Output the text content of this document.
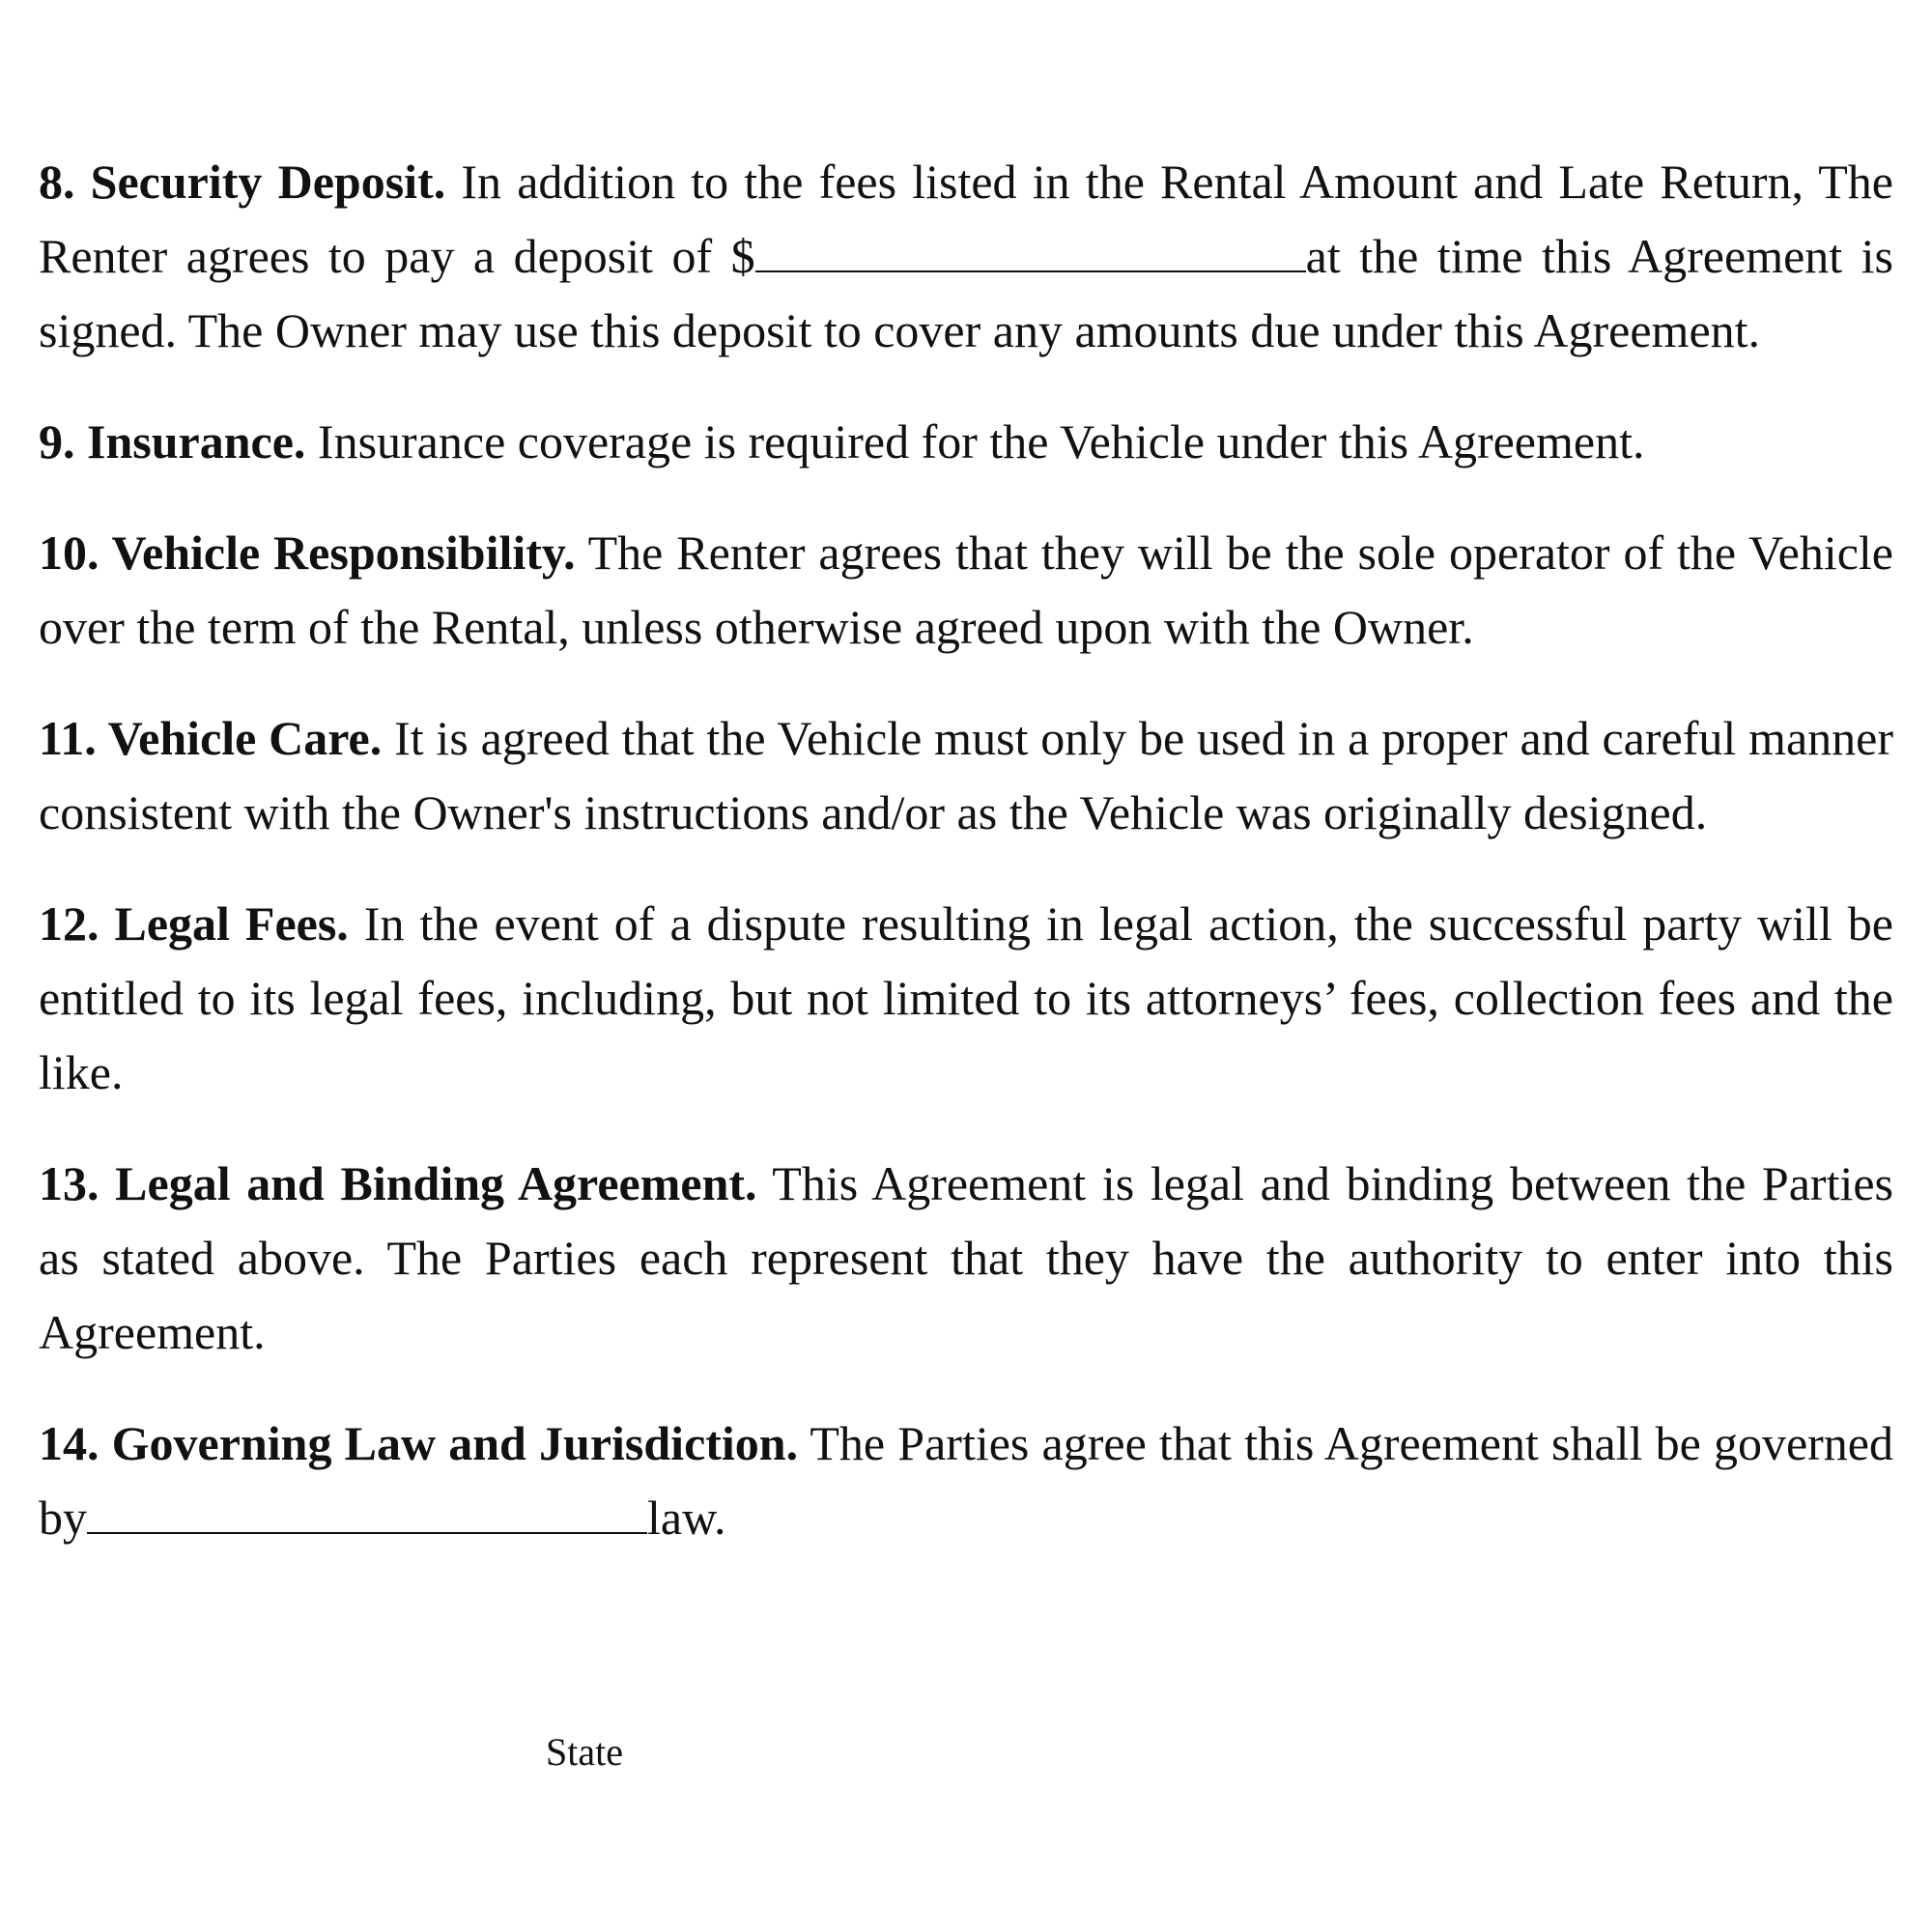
8. Security Deposit. In addition to the fees listed in the Rental Amount and Late Return, The Renter agrees to pay a deposit of $	at the time this Agreement is signed. The Owner may use this deposit to cover any amounts due under this Agreement.

9. Insurance. Insurance coverage is required for the Vehicle under this Agreement.

10. Vehicle Responsibility. The Renter agrees that they will be the sole operator of the Vehicle over the term of the Rental, unless otherwise agreed upon with the Owner.

11. Vehicle Care. It is agreed that the Vehicle must only be used in a proper and careful manner consistent with the Owner's instructions and/or as the Vehicle was originally designed.

12. Legal Fees. In the event of a dispute resulting in legal action, the successful party will be entitled to its legal fees, including, but not limited to its attorneys’ fees, collection fees and the like.

13. Legal and Binding Agreement. This Agreement is legal and binding between the Parties as stated above. The Parties each represent that they have the authority to enter into this Agreement.

14. Governing Law and Jurisdiction. The Parties agree that this Agreement shall be governed by	law.

State
